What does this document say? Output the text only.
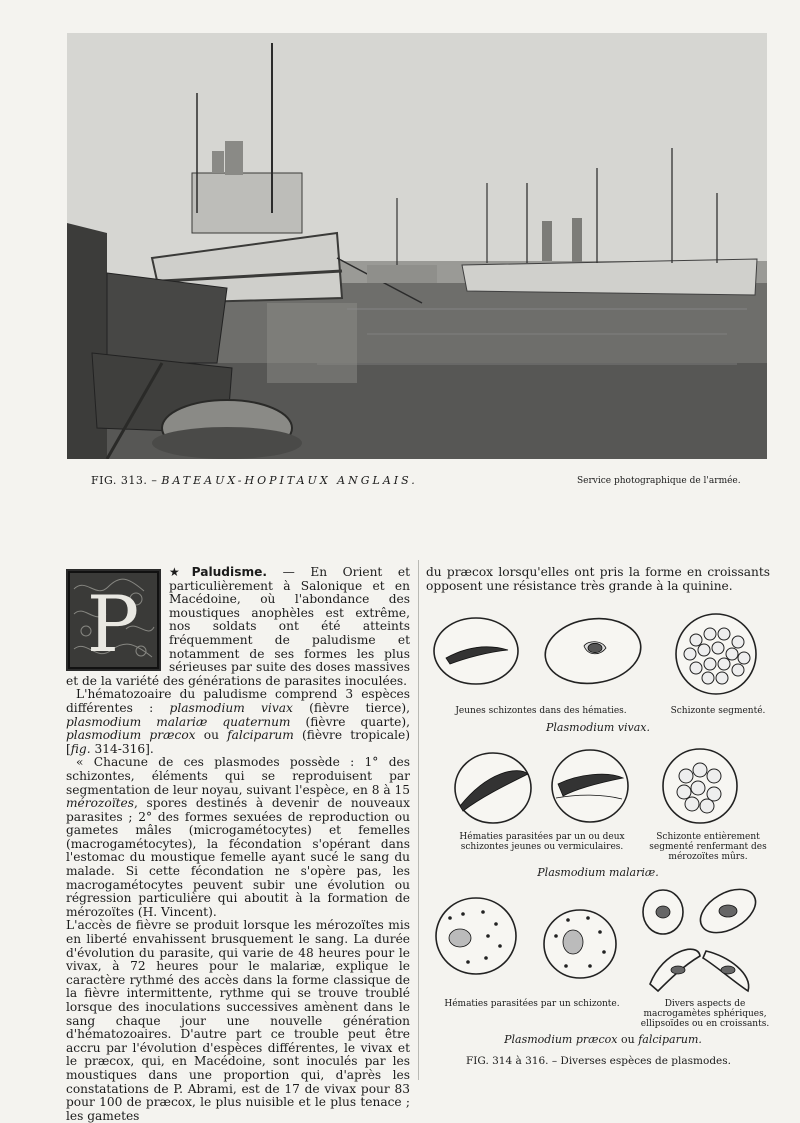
FIG. 313. – BATEAUX-HOPITAUX ANGLAIS.	Service photographique de l'armée.
P

★Paludisme. — En Orient et particulièrement à Salonique et en Macédoine, où l'abondance des moustiques anophèles est extrême, nos soldats ont été atteints fréquemment de paludisme et notamment de ses formes les plus sérieuses par suite des doses massives et de la variété des générations de parasites inoculées.

L'hématozoaire du paludisme comprend 3 espèces différentes : plasmodium vivax (fièvre tierce), plasmodium malariæ quaternum (fièvre quarte), plasmodium præcox ou falciparum (fièvre tropicale) [fig. 314-316].

« Chacune de ces plasmodes possède : 1° des schizontes, éléments qui se reproduisent par segmentation de leur noyau, suivant l'espèce, en 8 à 15 mérozoïtes, spores destinés à devenir de nouveaux parasites ; 2° des formes sexuées de reproduction ou gametes mâles (microgamétocytes) et femelles (macrogamétocytes), la fécondation s'opérant dans l'estomac du moustique femelle ayant sucé le sang du malade. Si cette fécondation ne s'opère pas, les macrogamétocytes peuvent subir une évolution ou régression particulière qui aboutit à la formation de mérozoïtes (H. Vincent).

L'accès de fièvre se produit lorsque les mérozoïtes mis en liberté envahissent brusquement le sang. La durée d'évolution du parasite, qui varie de 48 heures pour le vivax, à 72 heures pour le malariæ, explique le caractère rythmé des accès dans la forme classique de la fièvre intermittente, rythme qui se trouve troublé lorsque des inoculations successives amènent dans le sang chaque jour une nouvelle génération d'hématozoaires. D'autre part ce trouble peut être accru par l'évolution d'espèces différentes, le vivax et le præcox, qui, en Macédoine, sont inoculés par les moustiques dans une proportion qui, d'après les constatations de P. Abrami, est de 17 de vivax pour 83 pour 100 de præcox, le plus nuisible et le plus tenace ; les gametes

du præcox lorsqu'elles ont pris la forme en croissants opposent une résistance très grande à la quinine.
Jeunes schizontes dans des hématies.	Schizonte segmenté.
Plasmodium vivax.
Hématies parasitées par un ou deux schizontes jeunes ou vermiculaires.
Schizonte entièrement segmenté renfermant des mérozoïtes mûrs.
Plasmodium malariæ.
Hématies parasitées par un schizonte.	Divers aspects de macrogamètes sphériques, ellipsoïdes ou en croissants.
Plasmodium præcox ou falciparum.
FIG. 314 à 316. – Diverses espèces de plasmodes.
